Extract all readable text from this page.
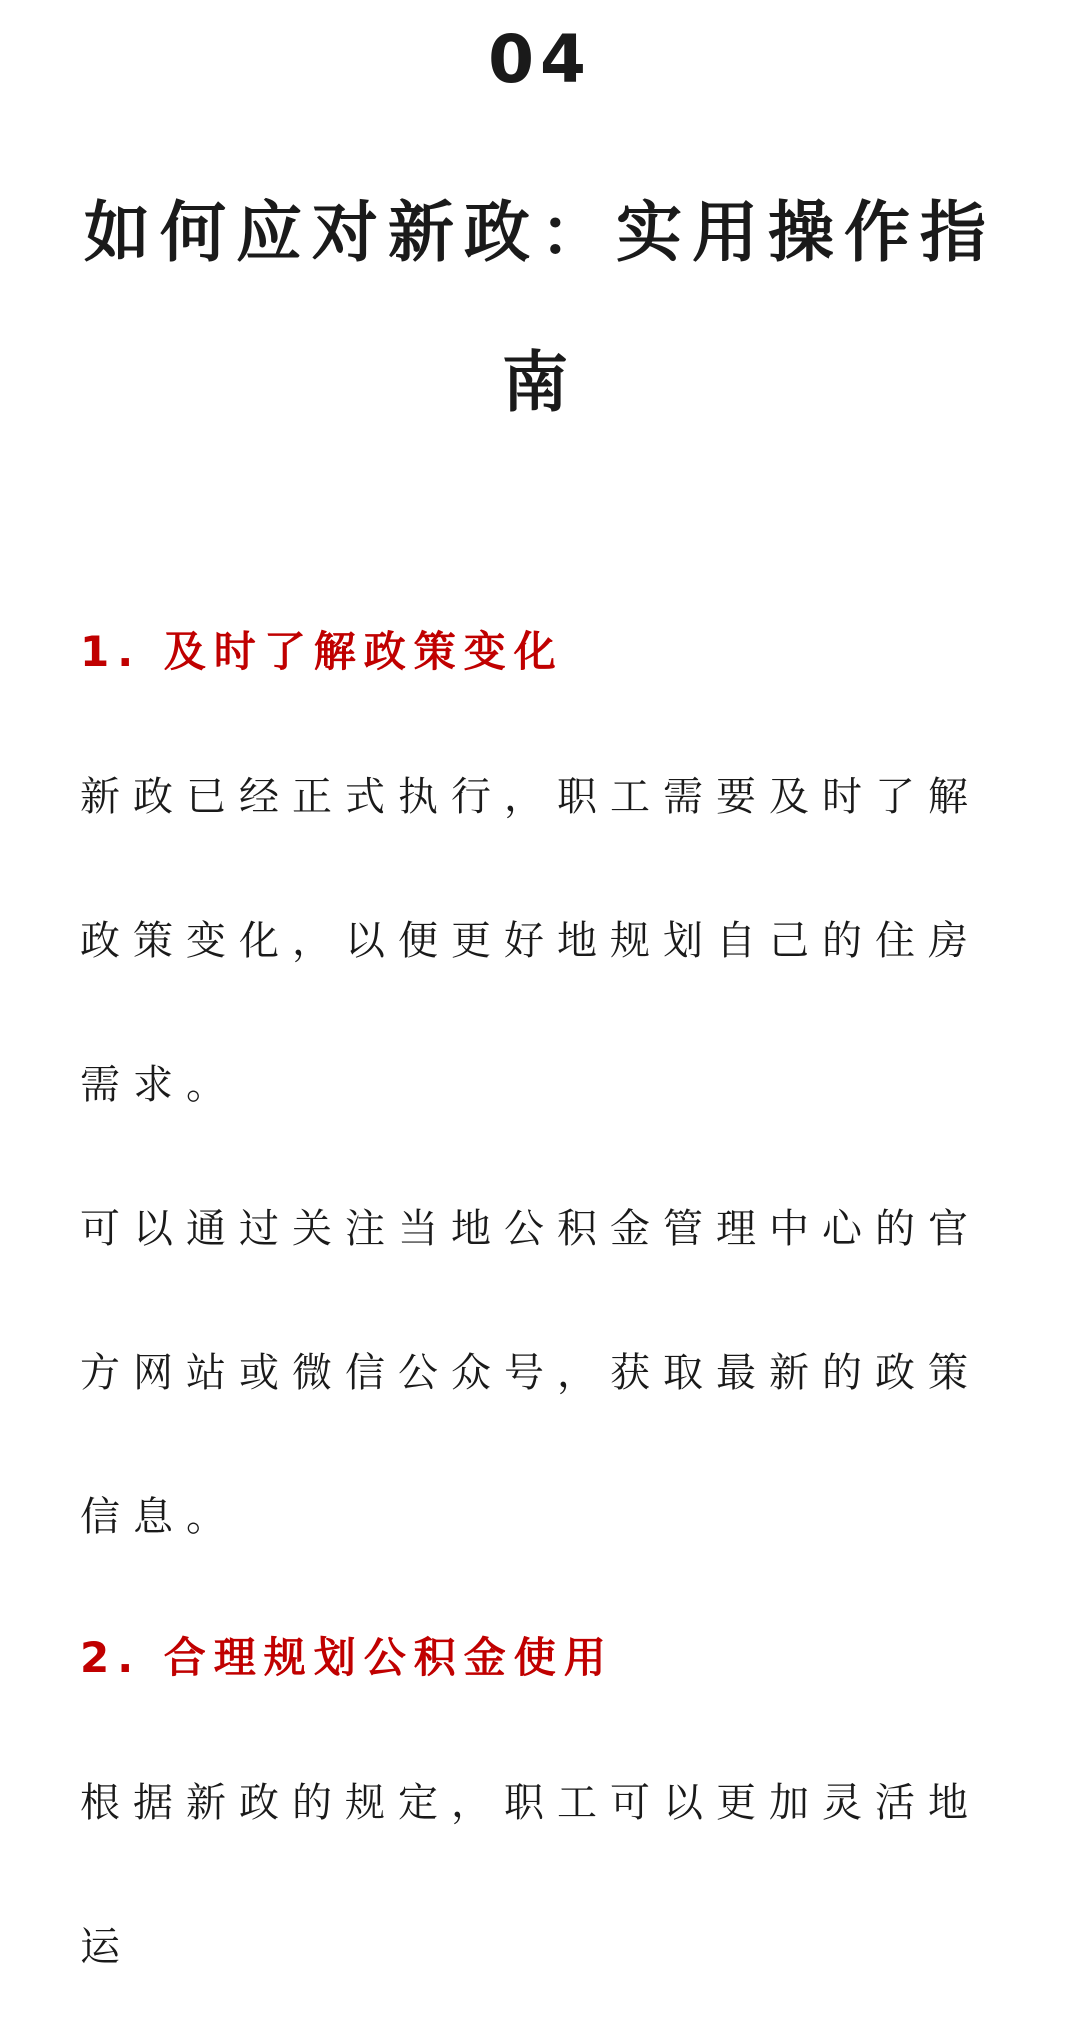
04
如何应对新政：实用操作指南
1. 及时了解政策变化

新政已经正式执行，职工需要及时了解政策变化，以便更好地规划自己的住房需求。

可以通过关注当地公积金管理中心的官方网站或微信公众号，获取最新的政策信息。

2. 合理规划公积金使用

根据新政的规定，职工可以更加灵活地运
